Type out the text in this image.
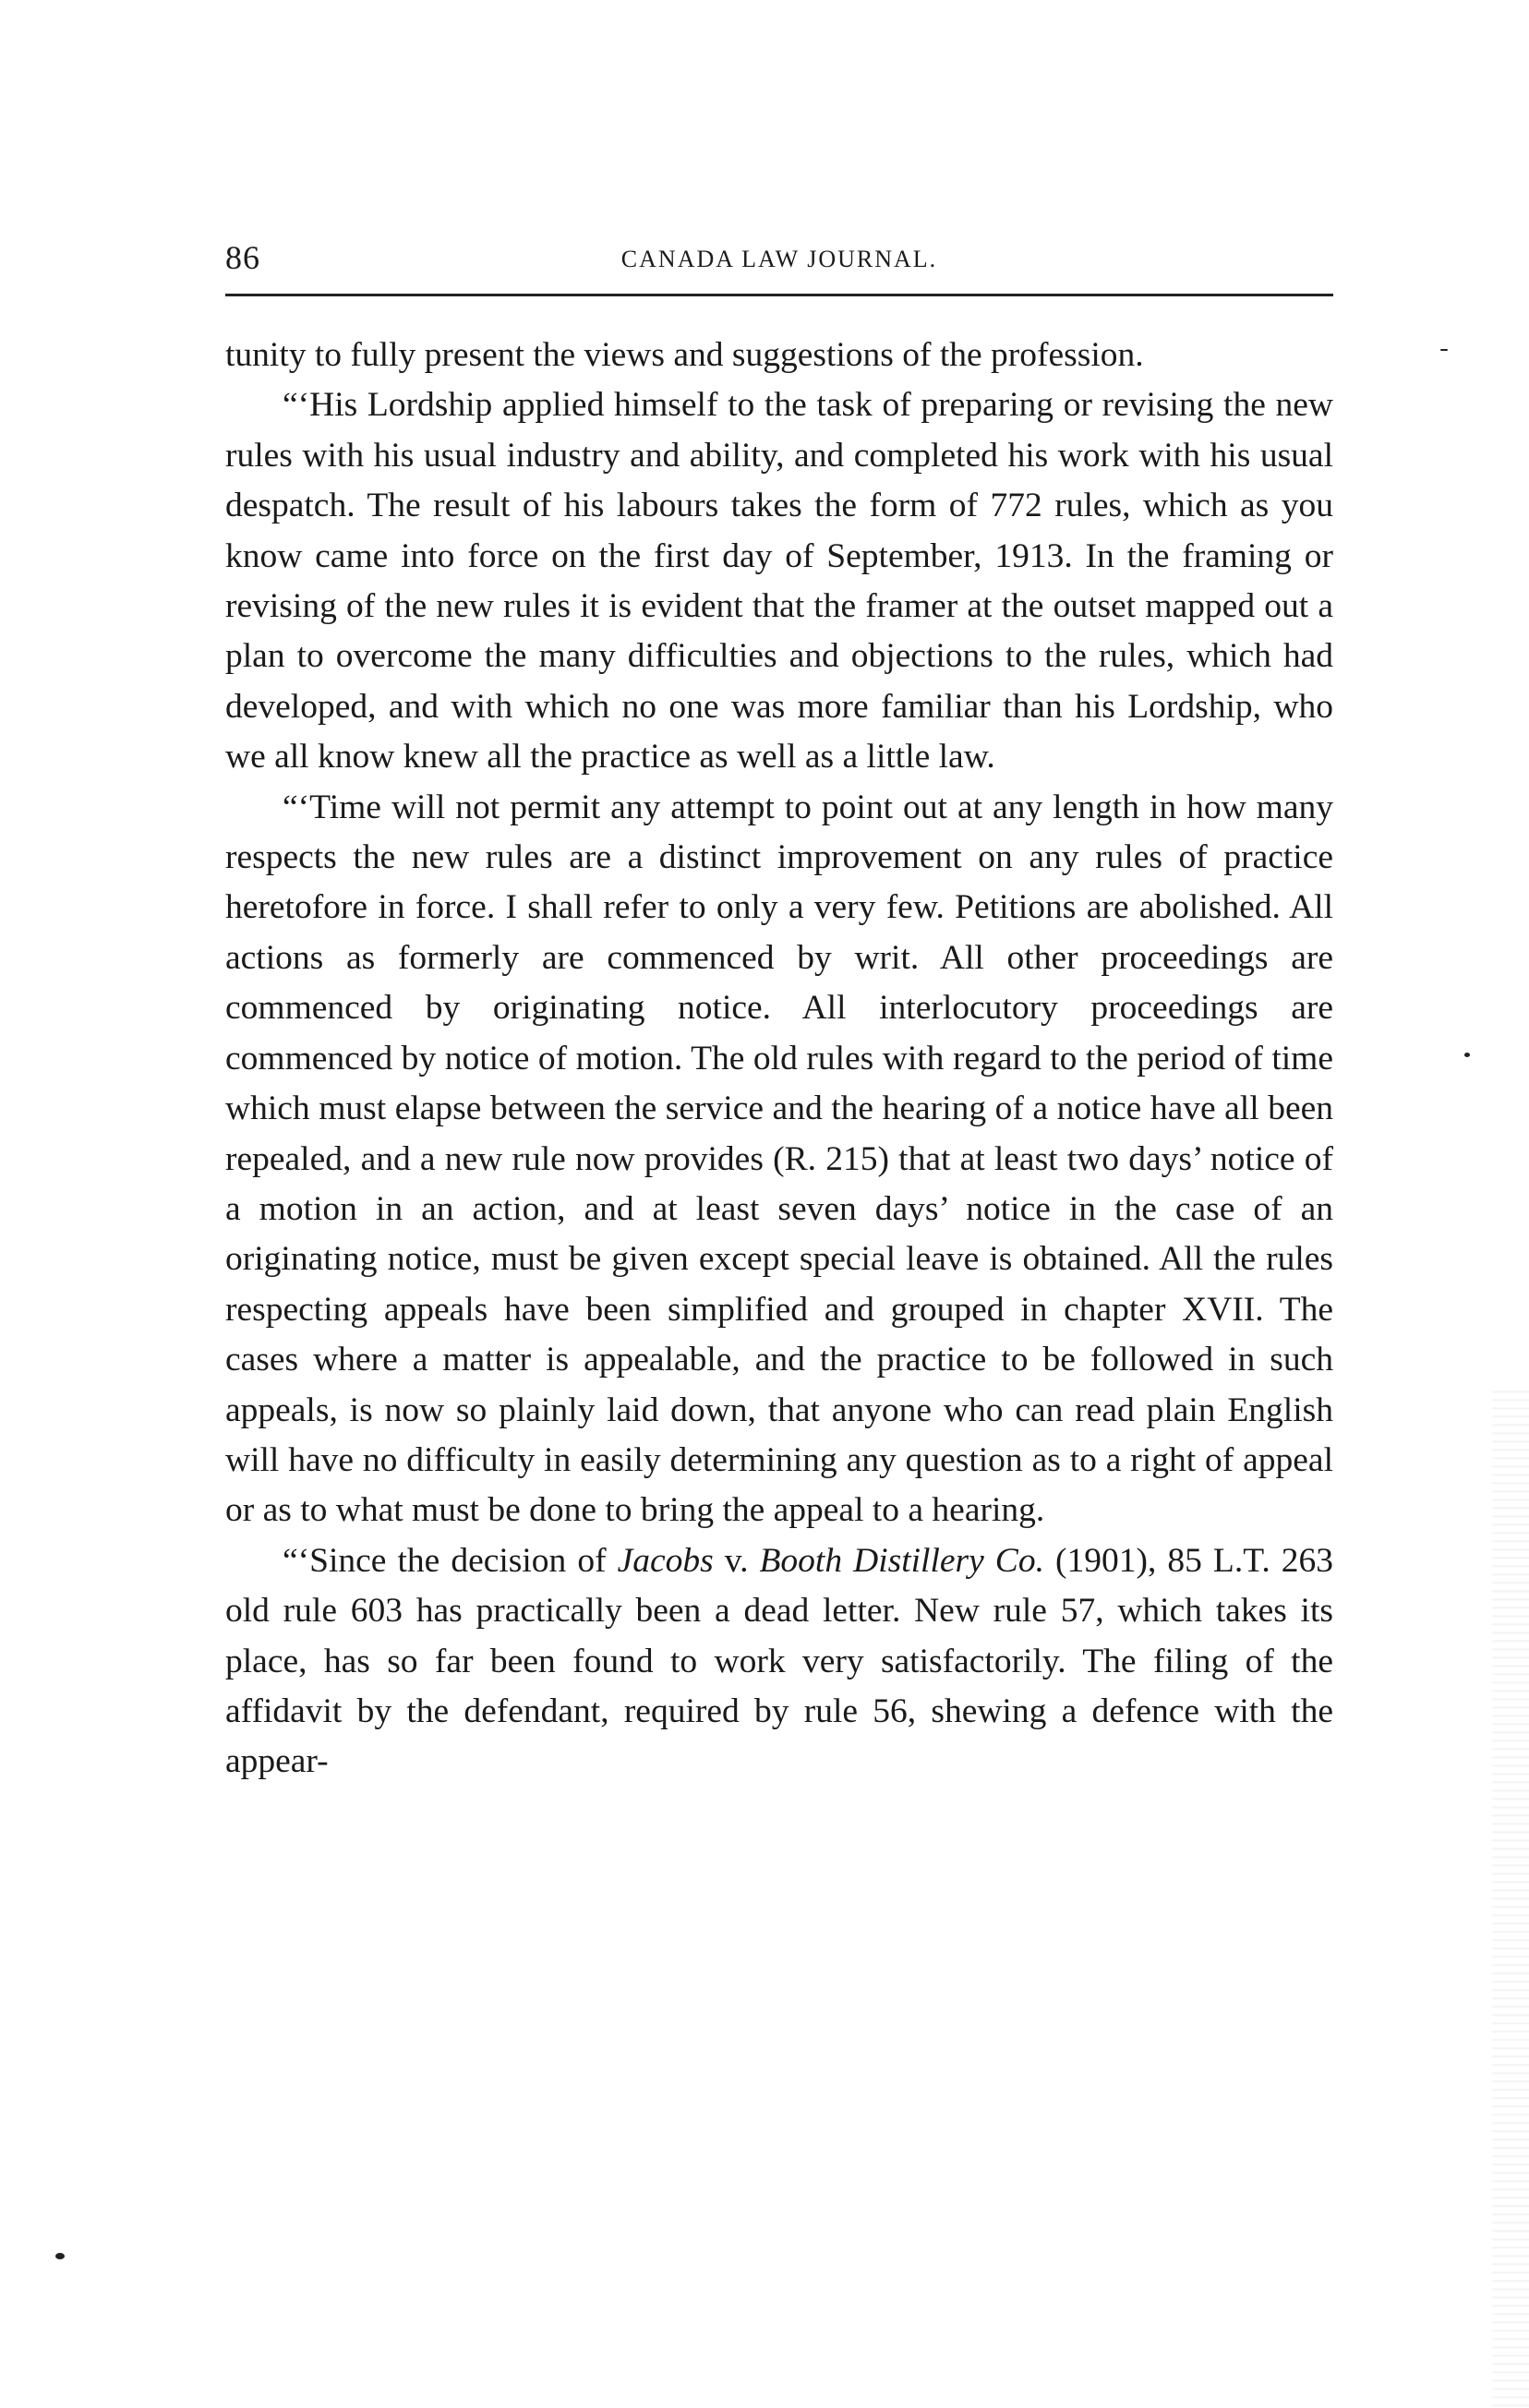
86	CANADA LAW JOURNAL.

tunity to fully present the views and suggestions of the profession.

“‘His Lordship applied himself to the task of preparing or revising the new rules with his usual industry and ability, and completed his work with his usual despatch. The result of his labours takes the form of 772 rules, which as you know came into force on the first day of September, 1913. In the framing or revising of the new rules it is evident that the framer at the outset mapped out a plan to overcome the many difficulties and objections to the rules, which had developed, and with which no one was more familiar than his Lordship, who we all know knew all the practice as well as a little law.

“‘Time will not permit any attempt to point out at any length in how many respects the new rules are a distinct improvement on any rules of practice heretofore in force. I shall refer to only a very few. Petitions are abolished. All actions as formerly are commenced by writ. All other proceedings are commenced by originating notice. All interlocutory proceedings are commenced by notice of motion. The old rules with regard to the period of time which must elapse between the service and the hearing of a notice have all been repealed, and a new rule now provides (R. 215) that at least two days’ notice of a motion in an action, and at least seven days’ notice in the case of an originating notice, must be given except special leave is obtained. All the rules respecting appeals have been simplified and grouped in chapter XVII. The cases where a matter is appealable, and the practice to be followed in such appeals, is now so plainly laid down, that anyone who can read plain English will have no difficulty in easily determining any question as to a right of appeal or as to what must be done to bring the appeal to a hearing.

“‘Since the decision of Jacobs v. Booth Distillery Co. (1901), 85 L.T. 263 old rule 603 has practically been a dead letter. New rule 57, which takes its place, has so far been found to work very satisfactorily. The filing of the affidavit by the defendant, required by rule 56, shewing a defence with the appear-
